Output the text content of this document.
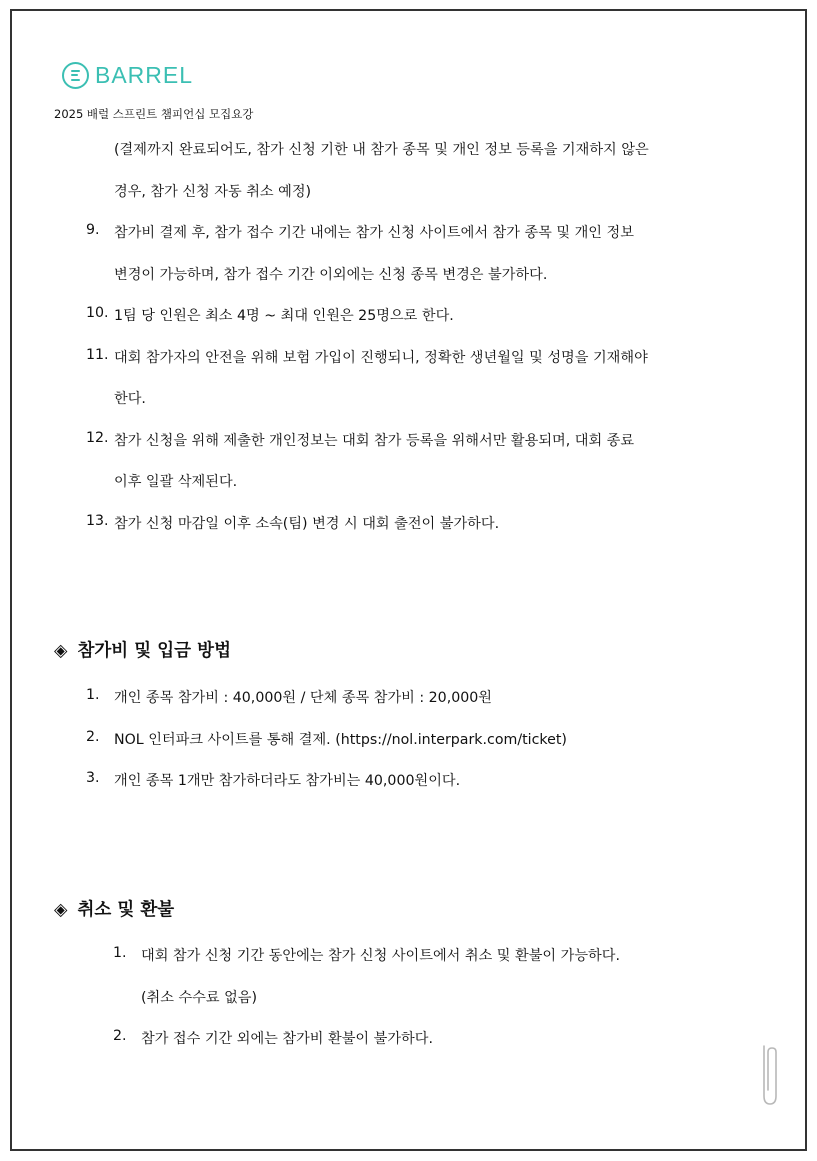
BARREL
2025 배럴 스프린트 챔피언십 모집요강
(결제까지 완료되어도, 참가 신청 기한 내 참가 종목 및 개인 정보 등록을 기재하지 않은
경우, 참가 신청 자동 취소 예정)
9. 참가비 결제 후, 참가 접수 기간 내에는 참가 신청 사이트에서 참가 종목 및 개인 정보
변경이 가능하며, 참가 접수 기간 이외에는 신청 종목 변경은 불가하다.
10. 1팀 당 인원은 최소 4명 ~ 최대 인원은 25명으로 한다.
11. 대회 참가자의 안전을 위해 보험 가입이 진행되니, 정확한 생년월일 및 성명을 기재해야
한다.
12. 참가 신청을 위해 제출한 개인정보는 대회 참가 등록을 위해서만 활용되며, 대회 종료
이후 일괄 삭제된다.
13. 참가 신청 마감일 이후 소속(팀) 변경 시 대회 출전이 불가하다.
◈ 참가비 및 입금 방법
1. 개인 종목 참가비 : 40,000원 / 단체 종목 참가비 : 20,000원
2. NOL 인터파크 사이트를 통해 결제. (https://nol.interpark.com/ticket)
3. 개인 종목 1개만 참가하더라도 참가비는 40,000원이다.
◈ 취소 및 환불
1. 대회 참가 신청 기간 동안에는 참가 신청 사이트에서 취소 및 환불이 가능하다.
(취소 수수료 없음)
2. 참가 접수 기간 외에는 참가비 환불이 불가하다.
